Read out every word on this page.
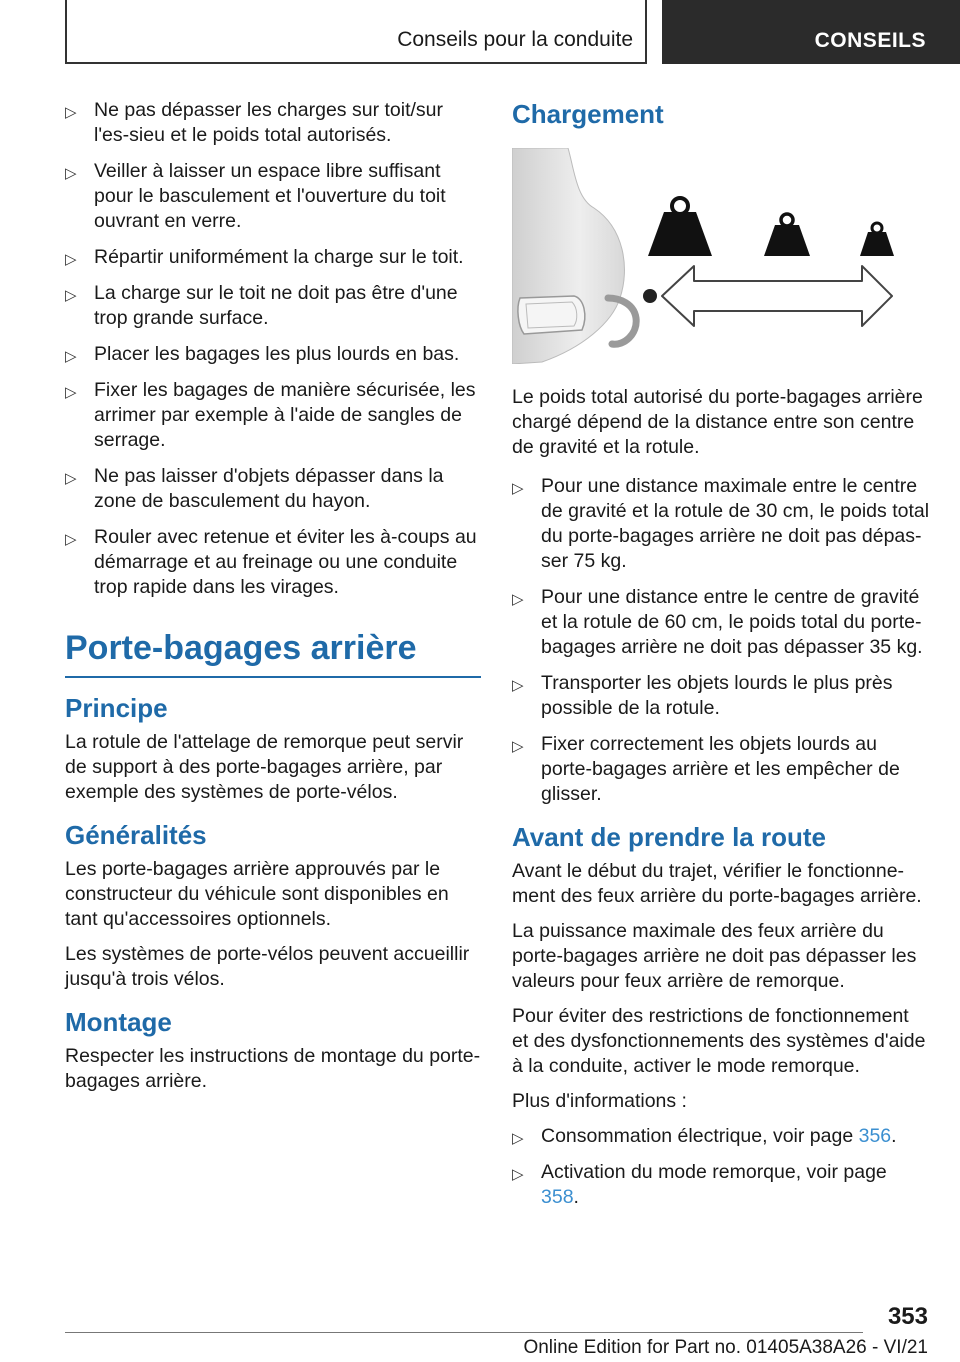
Conseils pour la conduite	CONSEILS
▷ Ne pas dépasser les charges sur toit/sur l'es-sieu et le poids total autorisés.
▷ Veiller à laisser un espace libre suffisant pour le basculement et l'ouverture du toit ouvrant en verre.
▷ Répartir uniformément la charge sur le toit.
▷ La charge sur le toit ne doit pas être d'une trop grande surface.
▷ Placer les bagages les plus lourds en bas.
▷ Fixer les bagages de manière sécurisée, les arrimer par exemple à l'aide de sangles de serrage.
▷ Ne pas laisser d'objets dépasser dans la zone de basculement du hayon.
▷ Rouler avec retenue et éviter les à-coups au démarrage et au freinage ou une conduite trop rapide dans les virages.
Porte-bagages arrière
Principe

La rotule de l'attelage de remorque peut servir de support à des porte-bagages arrière, par exemple des systèmes de porte-vélos.

Généralités

Les porte-bagages arrière approuvés par le constructeur du véhicule sont disponibles en tant qu'accessoires optionnels.

Les systèmes de porte-vélos peuvent accueillir jusqu'à trois vélos.

Montage

Respecter les instructions de montage du porte-bagages arrière.

Chargement

Le poids total autorisé du porte-bagages arrière chargé dépend de la distance entre son centre de gravité et la rotule.

▷ Pour une distance maximale entre le centre de gravité et la rotule de 30 cm, le poids total du porte-bagages arrière ne doit pas dépas-ser 75 kg.
▷ Pour une distance entre le centre de gravité et la rotule de 60 cm, le poids total du porte-bagages arrière ne doit pas dépasser 35 kg.
▷ Transporter les objets lourds le plus près possible de la rotule.
▷ Fixer correctement les objets lourds au porte-bagages arrière et les empêcher de glisser.
Avant de prendre la route

Avant le début du trajet, vérifier le fonctionne-ment des feux arrière du porte-bagages arrière.

La puissance maximale des feux arrière du porte-bagages arrière ne doit pas dépasser les valeurs pour feux arrière de remorque.

Pour éviter des restrictions de fonctionnement et des dysfonctionnements des systèmes d'aide à la conduite, activer le mode remorque.

Plus d'informations :

▷ Consommation électrique, voir page 356.
▷ Activation du mode remorque, voir page 358.
353
Online Edition for Part no. 01405A38A26 - VI/21
